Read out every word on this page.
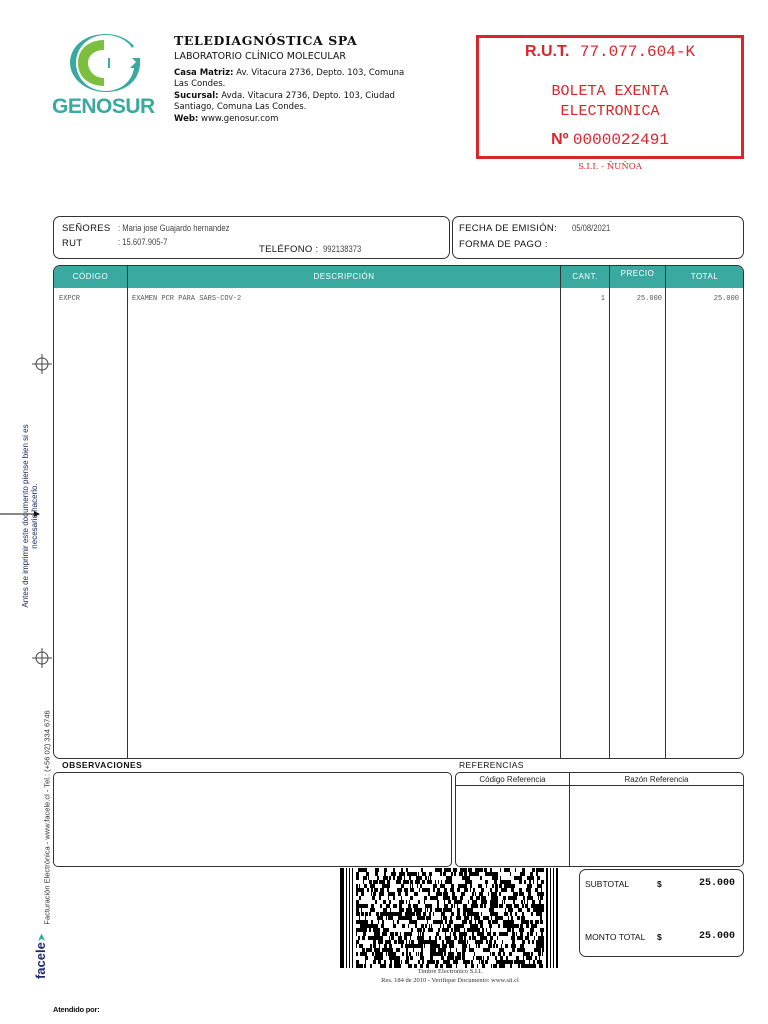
GENOSUR
TELEDIAGNÓSTICA SPA
LABORATORIO CLÍNICO MOLECULAR
Casa Matriz: Av. Vitacura 2736, Depto. 103, Comuna
Las Condes.
Sucursal: Avda. Vitacura 2736, Depto. 103, Ciudad
Santiago, Comuna Las Condes.
Web: www.genosur.com
R.U.T. 77.077.604-K
BOLETA EXENTA
ELECTRONICA
Nº 0000022491
S.I.I. - ÑUÑOA
SEÑORES : Maria jose Guajardo hernandez
RUT	: 15.607.905-7
TELÉFONO : 992138373
FECHA DE EMISIÓN: 05/08/2021
FORMA DE PAGO :
CÓDIGO	DESCRIPCIÓN	CANT.	PRECIO	TOTAL
EXPCR	EXAMEN PCR PARA SARS-COV-2	1	25.000	25.000
OBSERVACIONES	REFERENCIAS
Código Referencia	Razón Referencia
Timbre Electronico S.I.I.
Res. 184 de 2010 - Verifique Documento: www.sii.cl
SUBTOTAL	$	25.000
MONTO TOTAL $	25.000
Antes de imprimir este documento piense bien si es necesario hacerlo.
Facturación Electrónica - www.facele.cl - Tel.: (+56 02) 334 6746
facele➤
Atendido por:
